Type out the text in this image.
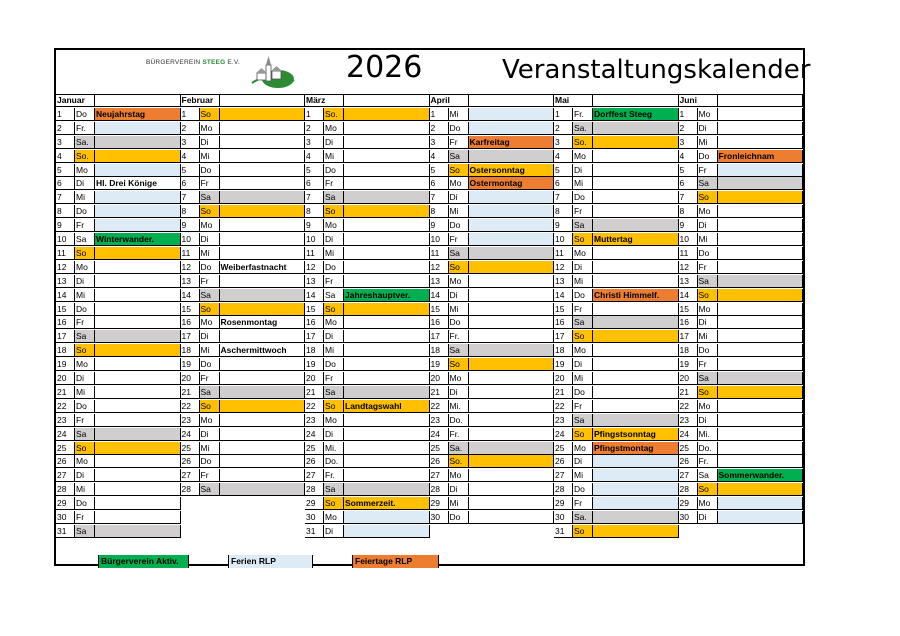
BÜRGERVEREIN STEEG E.V.	2026	Veranstaltungskalender
Januar
1	Do	Neujahrstag
2	Fr.
3	Sa.
4	So.
5	Mo
6	Di	Hl. Drei Könige
7	Mi
8	Do
9	Fr
10	Sa	Winterwander.
11	So
12	Mo
13	Di
14	Mi
15	Do
16	Fr
17	Sa
18	So
19	Mo
20	Di
21	Mi
22	Do
23	Fr
24	Sa
25	So
26	Mo
27	Di
28	Mi
29	Do
30	Fr
31	Sa
Februar
1	So
2	Mo
3	Di
4	Mi
5	Do
6	Fr
7	Sa
8	So
9	Mo
10	Di
11	Mi
12	Do	Weiberfastnacht
13	Fr
14	Sa
15	So
16	Mo Rosenmontag
17	Di
18	Mi	Aschermittwoch
19	Do
20	Fr
21	Sa
22	So
23	Mo
24	Di
25	Mi
26	Do
27	Fr
28	Sa
März
1	So.
2	Mo
3	Di
4	Mi
5	Do
6	Fr
7	Sa
8	So
9	Mo
10	Di
11	Mi
12	Do
13	Fr
14	Sa	Jahreshauptver.
15	So
16	Mo
17	Di
18	Mi
19	Do
20	Fr
21	Sa
22	So	Landtagswahl
23	Mo
24	Di
25	Mi.
26	Do.
27	Fr.
28	Sa
29	So	Sommerzeit.
30	Mo
31	Di
April
1	Mi
2	Do
3	Fr	Karfreitag
4	Sa
5	So	Ostersonntag
6	Mo Ostermontag
7	Di
8	Mi
9	Do
10	Fr
11	Sa
12	So
13	Mo
14	Di
15	Mi
16	Do
17	Fr.
18	Sa
19	So
20	Mo
21	Di
22	Mi.
23	Do.
24	Fr.
25	Sa.
26	So.
27	Mo
28	Di
29	Mi
30	Do
Mai
1	Fr.	Dorffest Steeg
2	Sa.
3	So.
4	Mo
5	Di
6	Mi
7	Do
8	Fr
9	Sa
10	So	Muttertag
11	Mo
12	Di
13	Mi
14	Do	Christi Himmelf.
15	Fr
16	Sa
17	So
18	Mo
19	Di
20	Mi
21	Do
22	Fr
23	Sa
24	So	Pfingstsonntag
25	Mo Pfingstmontag
26	Di
27	Mi
28	Do
29	Fr
30	Sa.
31	So
Juni
1	Mo
2	Di
3	Mi
4	Do	Fronleichnam
5	Fr
6	Sa
7	So
8	Mo
9	Di
10	Mi
11	Do
12	Fr
13	Sa
14	So
15	Mo
16	Di
17	Mi
18	Do
19	Fr
20	Sa
21	So
22	Mo
23	Di
24	Mi.
25	Do.
26	Fr.
27	Sa	Sommerwander.
28	So
29	Mo
30	Di
Bürgerverein Aktiv.	Ferien RLP	Feiertage RLP
